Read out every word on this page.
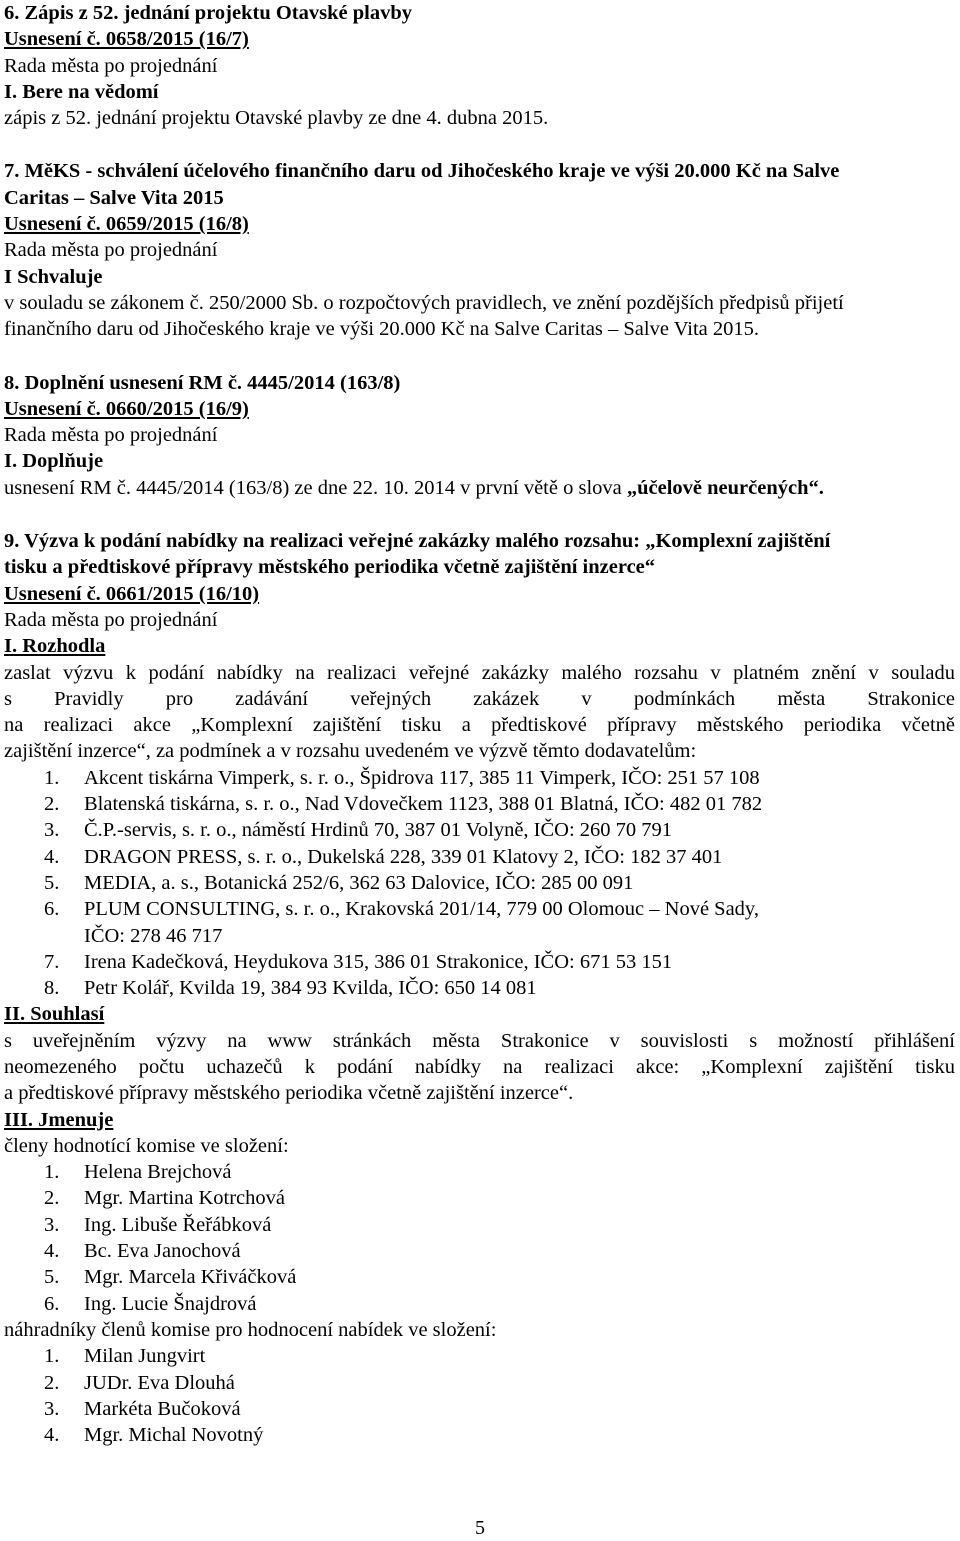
6. Zápis z 52. jednání projektu Otavské plavby
Usnesení č. 0658/2015 (16/7)
Rada města po projednání
I. Bere na vědomí
zápis z 52. jednání projektu Otavské plavby ze dne 4. dubna 2015.
7. MěKS - schválení účelového finančního daru od Jihočeského kraje ve výši 20.000 Kč na Salve
Caritas – Salve Vita 2015
Usnesení č. 0659/2015 (16/8)
Rada města po projednání
I Schvaluje
v souladu se zákonem č. 250/2000 Sb. o rozpočtových pravidlech, ve znění pozdějších předpisů přijetí
finančního daru od Jihočeského kraje ve výši 20.000 Kč na Salve Caritas – Salve Vita 2015.
8. Doplnění usnesení RM č. 4445/2014 (163/8)
Usnesení č. 0660/2015 (16/9)
Rada města po projednání
I. Doplňuje
usnesení RM č. 4445/2014 (163/8) ze dne 22. 10. 2014 v první větě o slova „účelově neurčených“.
9. Výzva k podání nabídky na realizaci veřejné zakázky malého rozsahu: „Komplexní zajištění
tisku a předtiskové přípravy městského periodika včetně zajištění inzerce“
Usnesení č. 0661/2015 (16/10)
Rada města po projednání
I. Rozhodla
zaslat výzvu k podání nabídky na realizaci veřejné zakázky malého rozsahu v platném znění v souladu
s Pravidly pro zadávání veřejných zakázek v podmínkách města Strakonice
na realizaci akce „Komplexní zajištění tisku a předtiskové přípravy městského periodika včetně
zajištění inzerce“, za podmínek a v rozsahu uvedeném ve výzvě těmto dodavatelům:
1. Akcent tiskárna Vimperk, s. r. o., Špidrova 117, 385 11 Vimperk, IČO: 251 57 108
2. Blatenská tiskárna, s. r. o., Nad Vdovečkem 1123, 388 01 Blatná, IČO: 482 01 782
3. Č.P.-servis, s. r. o., náměstí Hrdinů 70, 387 01 Volyně, IČO: 260 70 791
4. DRAGON PRESS, s. r. o., Dukelská 228, 339 01 Klatovy 2, IČO: 182 37 401
5. MEDIA, a. s., Botanická 252/6, 362 63 Dalovice, IČO: 285 00 091
6. PLUM CONSULTING, s. r. o., Krakovská 201/14, 779 00 Olomouc – Nové Sady,
IČO: 278 46 717
7. Irena Kadečková, Heydukova 315, 386 01 Strakonice, IČO: 671 53 151
8. Petr Kolář, Kvilda 19, 384 93 Kvilda, IČO: 650 14 081
II. Souhlasí
s uveřejněním výzvy na www stránkách města Strakonice v souvislosti s možností přihlášení
neomezeného počtu uchazečů k podání nabídky na realizaci akce: „Komplexní zajištění tisku
a předtiskové přípravy městského periodika včetně zajištění inzerce“.
III. Jmenuje
členy hodnotící komise ve složení:
1. Helena Brejchová
2. Mgr. Martina Kotrchová
3. Ing. Libuše Řeřábková
4. Bc. Eva Janochová
5. Mgr. Marcela Křiváčková
6. Ing. Lucie Šnajdrová
náhradníky členů komise pro hodnocení nabídek ve složení:
1. Milan Jungvirt
2. JUDr. Eva Dlouhá
3. Markéta Bučoková
4. Mgr. Michal Novotný
5
